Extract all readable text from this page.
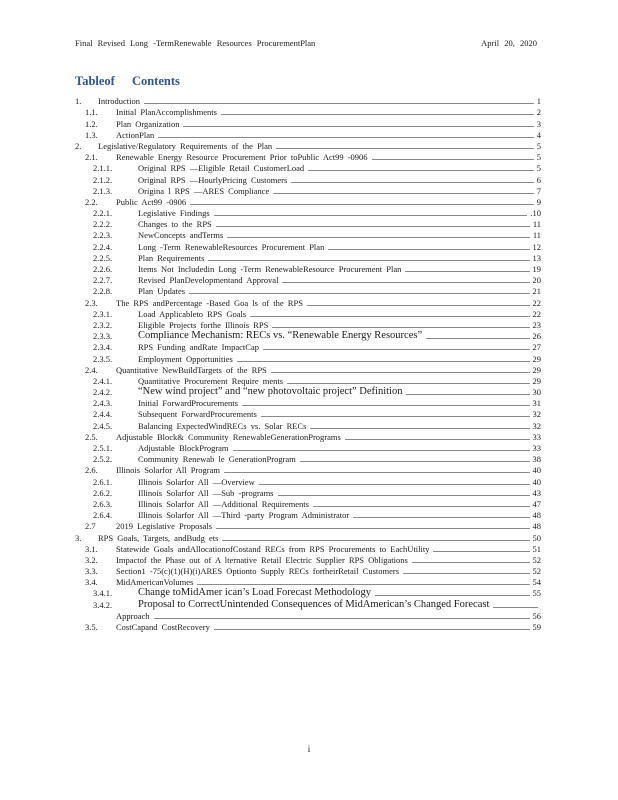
Final Revised Long -TermRenewable Resources ProcurementPlan	April 20, 2020
Tableof Contents
1.	Introduction	1
1.1.	Initial PlanAccomplishments	2
1.2.	Plan Organization	3
1.3.	ActionPlan	4
2.	Legislative/Regulatory Requirements of the Plan	5
2.1.	Renewable Energy Resource Procurement Prior toPublic Act99 -0906	5
2.1.1.	Original RPS —Eligible Retail CustomerLoad	5
2.1.2.	Original RPS —HourlyPricing Customers	6
2.1.3.	Origina l RPS —ARES Compliance	7
2.2.	Public Act99 -0906	9
2.2.1.	Legislative Findings	.10
2.2.2.	Changes to the RPS	11
2.2.3.	NewConcepts andTerms	11
2.2.4.	Long -Term RenewableResources Procurement Plan	12
2.2.5.	Plan Requirements	13
2.2.6.	Items Not Includedin Long -Term RenewableResource Procurement Plan	19
2.2.7.	Revised PlanDevelopmentand Approval	20
2.2.8.	Plan Updates	21
2.3.	The RPS andPercentage -Based Goa ls of the RPS	22
2.3.1.	Load Applicableto RPS Goals	22
2.3.2.	Eligible Projects forthe Illinois RPS	23
2.3.3.	Compliance Mechanism: RECs vs. “Renewable Energy Resources”	26
2.3.4.	RPS Funding andRate ImpactCap	27
2.3.5.	Employment Opportunities	29
2.4.	Quantitative NewBuildTargets of the RPS	29
2.4.1.	Quantitative Procurement Require ments	29
2.4.2.	“New wind project” and “new photovoltaic project” Definition	30
2.4.3.	Initial ForwardProcurements	31
2.4.4.	Subsequent ForwardProcurements	32
2.4.5.	Balancing ExpectedWindRECs vs. Solar RECs	32
2.5.	Adjustable Block& Community RenewableGenerationPrograms	33
2.5.1.	Adjustable BlockProgram	33
2.5.2.	Community Renewab le GenerationProgram	38
2.6.	Illinois Solarfor All Program	40
2.6.1.	Illinois Solarfor All —Overview	40
2.6.2.	Illinois Solarfor All —Sub -programs	43
2.6.3.	Illinois Solarfor All —Additional Requirements	47
2.6.4.	Illinois Solarfor All —Third -party Program Administrator	48
2.7	2019 Legislative Proposals	48
3.	RPS Goals, Targets, andBudg ets	50
3.1.	Statewide Goals andAllocationofCostand RECs from RPS Procurements to EachUtility	51
3.2.	Impactof the Phase out of A lternative Retail Electric Supplier RPS Obligations	52
3.3.	Section1 -75(c)(1)(H)(i)ARES Optionto Supply RECs fortheirRetail Customers	52
3.4.	MidAmericanVolumes	54
3.4.1.	Change toMidAmer ican’s Load Forecast Methodology	55
3.4.2.	Proposal to CorrectUnintended Consequences of MidAmerican’s Changed Forecast
Approach	56
3.5.	CostCapand CostRecovery	59
i
